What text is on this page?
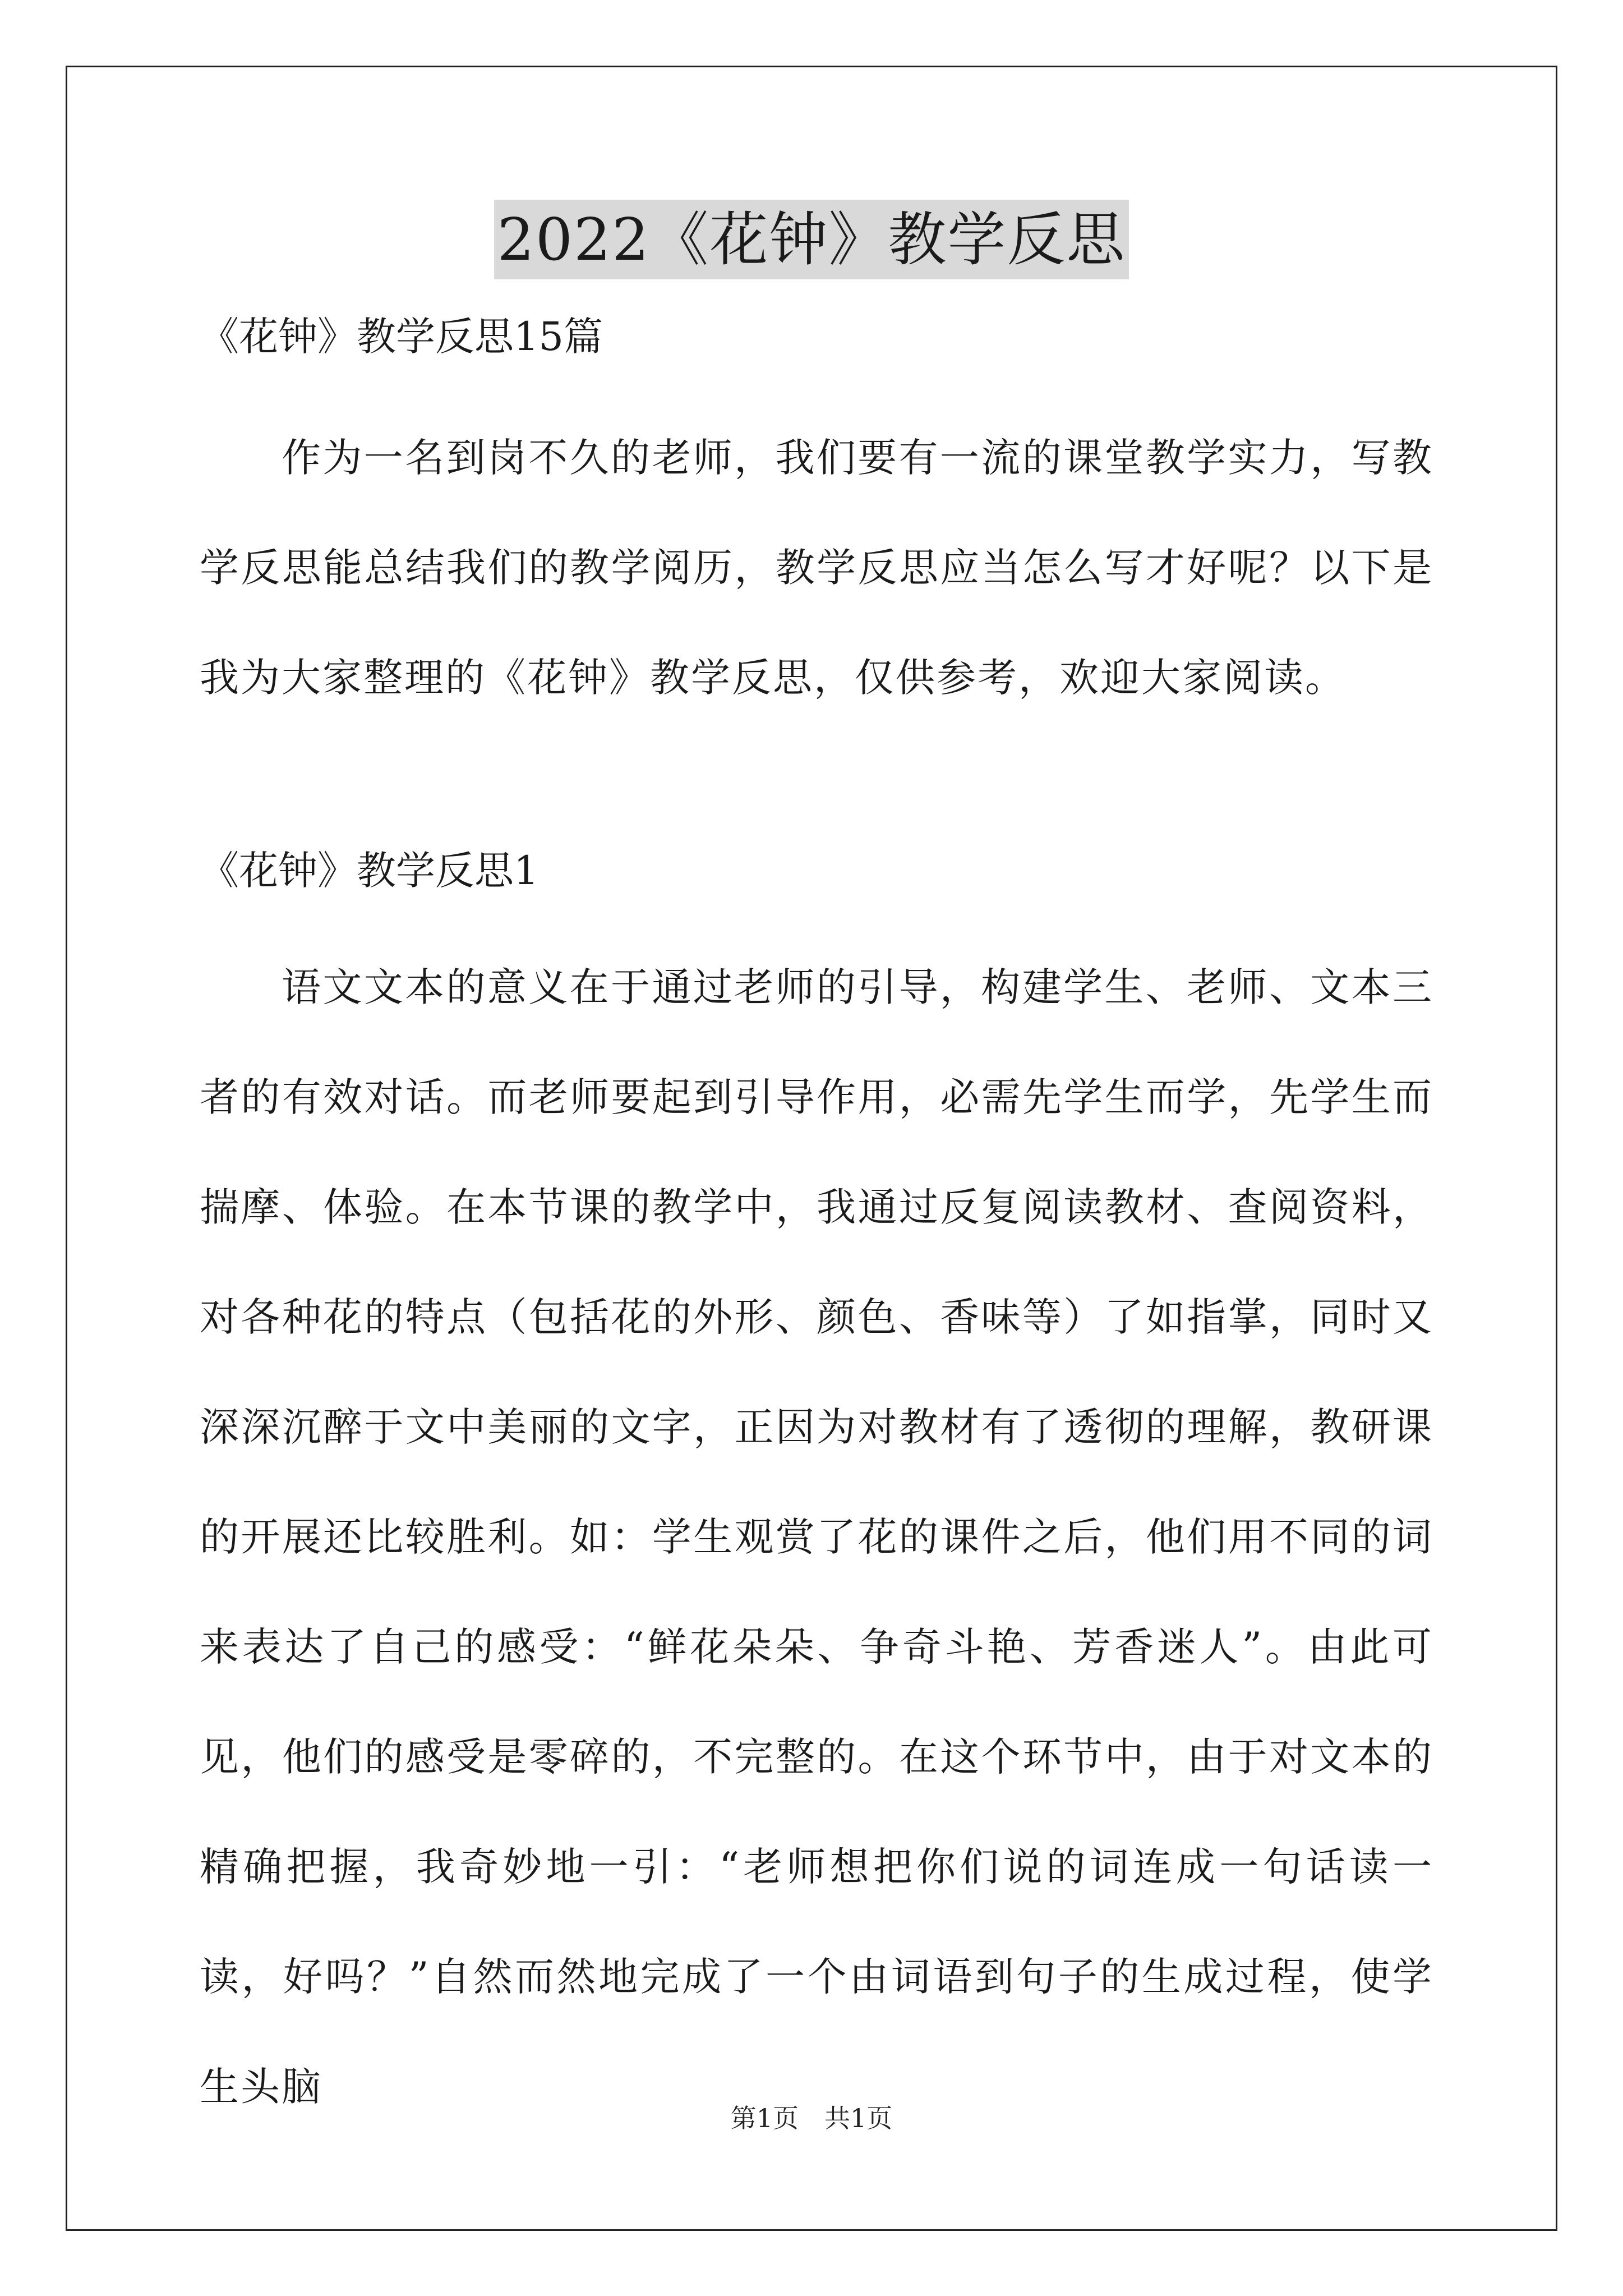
2022《花钟》教学反思

《花钟》教学反思15篇

作为一名到岗不久的老师，我们要有一流的课堂教学实力，写教学反思能总结我们的教学阅历，教学反思应当怎么写才好呢？以下是我为大家整理的《花钟》教学反思，仅供参考，欢迎大家阅读。

《花钟》教学反思1

语文文本的意义在于通过老师的引导，构建学生、老师、文本三者的有效对话。而老师要起到引导作用，必需先学生而学，先学生而揣摩、体验。在本节课的教学中，我通过反复阅读教材、查阅资料，对各种花的特点（包括花的外形、颜色、香味等）了如指掌，同时又深深沉醉于文中美丽的文字，正因为对教材有了透彻的理解，教研课的开展还比较胜利。如：学生观赏了花的课件之后，他们用不同的词来表达了自己的感受：“鲜花朵朵、争奇斗艳、芳香迷人”。由此可见，他们的感受是零碎的，不完整的。在这个环节中，由于对文本的精确把握，我奇妙地一引：“老师想把你们说的词连成一句话读一读，好吗？”自然而然地完成了一个由词语到句子的生成过程，使学生头脑

第1页　共1页
